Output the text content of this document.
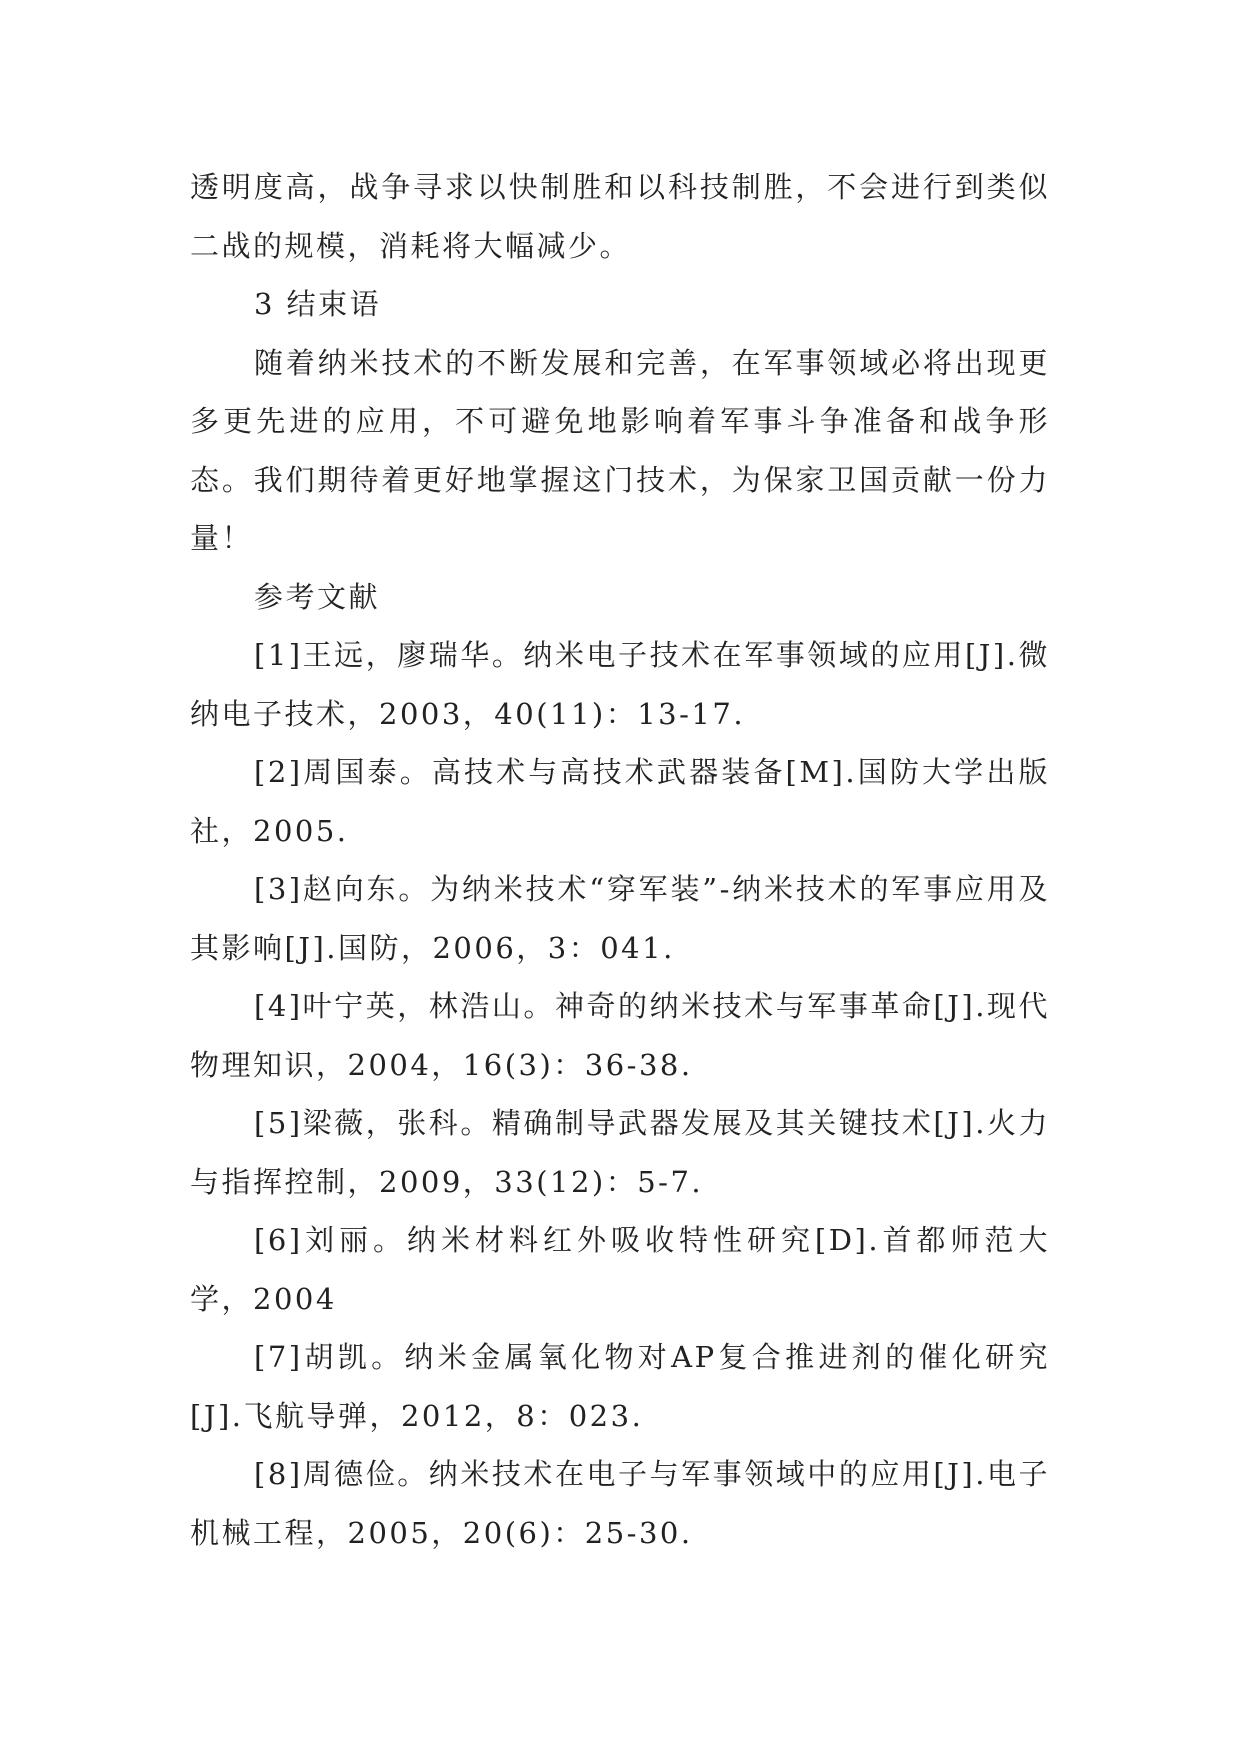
透明度高，战争寻求以快制胜和以科技制胜，不会进行到类似二战的规模，消耗将大幅减少。

3 结束语

随着纳米技术的不断发展和完善，在军事领域必将出现更多更先进的应用，不可避免地影响着军事斗争准备和战争形态。我们期待着更好地掌握这门技术，为保家卫国贡献一份力量！

参考文献

[1]王远，廖瑞华。纳米电子技术在军事领域的应用[J].微纳电子技术，2003，40(11)：13-17.

[2]周国泰。高技术与高技术武器装备[M].国防大学出版社，2005.

[3]赵向东。为纳米技术“穿军装”-纳米技术的军事应用及其影响[J].国防，2006，3：041.

[4]叶宁英，林浩山。神奇的纳米技术与军事革命[J].现代物理知识，2004，16(3)：36-38.

[5]梁薇，张科。精确制导武器发展及其关键技术[J].火力与指挥控制，2009，33(12)：5-7.

[6]刘丽。纳米材料红外吸收特性研究[D].首都师范大学，2004

[7]胡凯。纳米金属氧化物对AP复合推进剂的催化研究[J].飞航导弹，2012，8：023.

[8]周德俭。纳米技术在电子与军事领域中的应用[J].电子机械工程，2005，20(6)：25-30.
